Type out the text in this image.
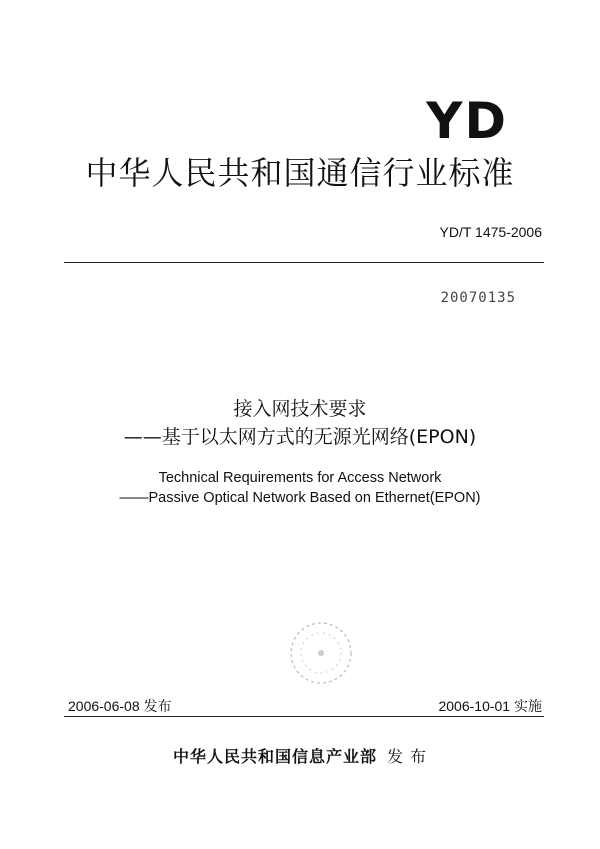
YD
中华人民共和国通信行业标准
YD/T 1475-2006
20070135
接入网技术要求
——基于以太网方式的无源光网络(EPON)
Technical Requirements for Access Network
——Passive Optical Network Based on Ethernet(EPON)
2006-06-08 发布	2006-10-01 实施
中华人民共和国信息产业部 发 布
